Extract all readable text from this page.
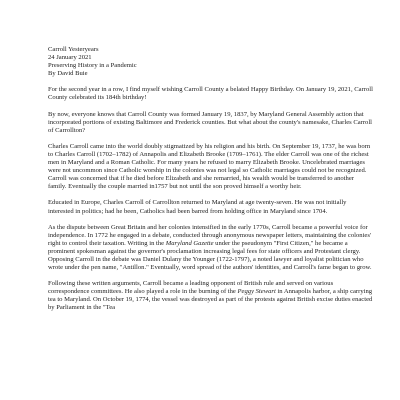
Carroll Yesteryears
24 January 2021
Preserving History in a Pandemic
By David Buie

For the second year in a row, I find myself wishing Carroll County a belated Happy Birthday. On January 19, 2021, Carroll County celebrated its 184th birthday!

By now, everyone knows that Carroll County was formed January 19, 1837, by Maryland General Assembly action that incorporated portions of existing Baltimore and Frederick counties. But what about the county's namesake, Charles Carroll of Carrollton?

Charles Carroll came into the world doubly stigmatized by his religion and his birth. On September 19, 1737, he was born to Charles Carroll (1702–1782) of Annapolis and Elizabeth Brooke (1709–1761). The elder Carroll was one of the richest men in Maryland and a Roman Catholic. For many years he refused to marry Elizabeth Brooke. Uncelebrated marriages were not uncommon since Catholic worship in the colonies was not legal so Catholic marriages could not be recognized. Carroll was concerned that if he died before Elizabeth and she remarried, his wealth would be transferred to another family. Eventually the couple married in1757 but not until the son proved himself a worthy heir.

Educated in Europe, Charles Carroll of Carrollton returned to Maryland at age twenty-seven. He was not initially interested in politics; had he been, Catholics had been barred from holding office in Maryland since 1704.

As the dispute between Great Britain and her colonies intensified in the early 1770s, Carroll became a powerful voice for independence. In 1772 he engaged in a debate, conducted through anonymous newspaper letters, maintaining the colonies' right to control their taxation. Writing in the Maryland Gazette under the pseudonym "First Citizen," he became a prominent spokesman against the governor's proclamation increasing legal fees for state officers and Protestant clergy. Opposing Carroll in the debate was Daniel Dulany the Younger (1722-1797), a noted lawyer and loyalist politician who wrote under the pen name, "Antillon." Eventually, word spread of the authors' identities, and Carroll's fame began to grow.

Following these written arguments, Carroll became a leading opponent of British rule and served on various correspondence committees. He also played a role in the burning of the Peggy Stewart in Annapolis harbor, a ship carrying tea to Maryland. On October 19, 1774, the vessel was destroyed as part of the protests against British excise duties enacted by Parliament in the "Tea
